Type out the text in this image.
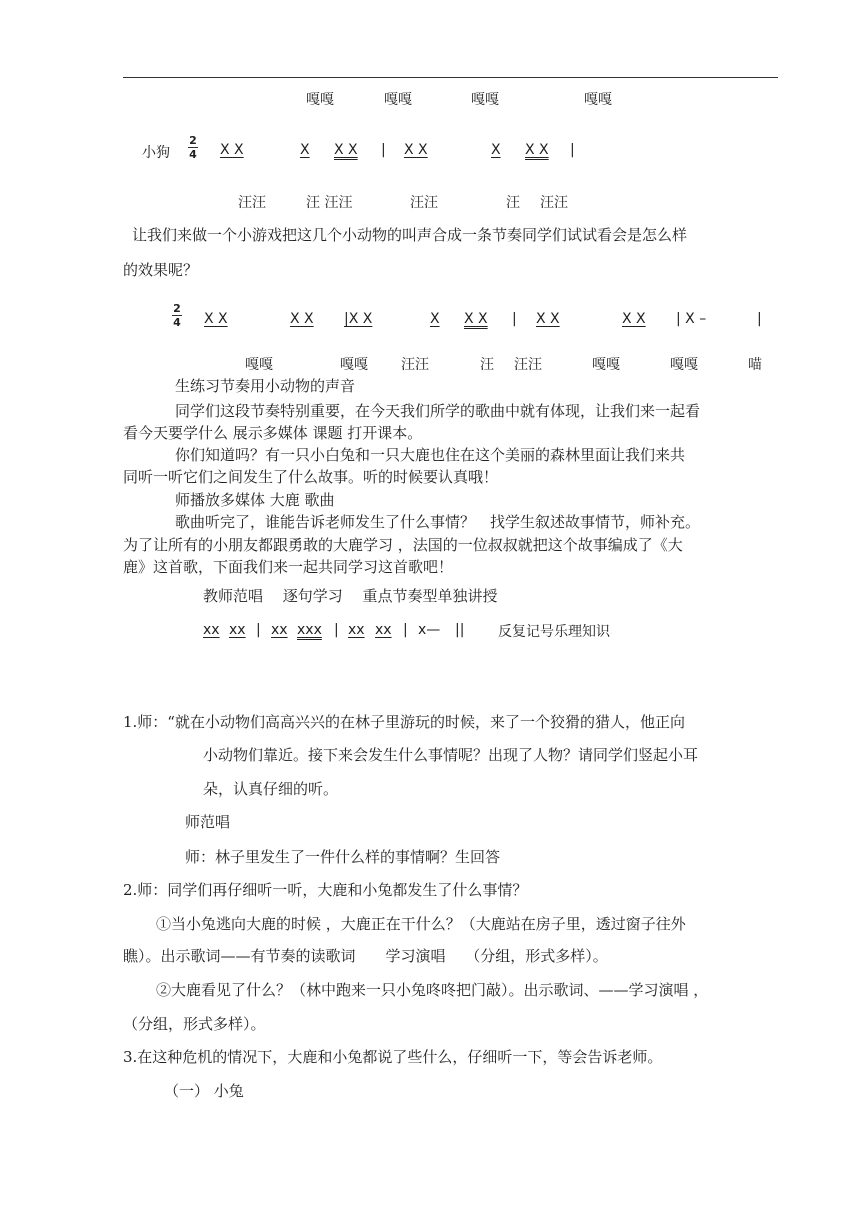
嘎嘎	嘎嘎	嘎嘎	嘎嘎
小狗
2
4 X X	X X X | X X	X X X |
汪汪	汪 汪汪	汪汪	汪 汪汪
让我们来做一个小游戏把这几个小动物的叫声合成一条节奏同学们试试看会是怎么样
的效果呢？
2
4 X X	X X |X X	X X X | X X	X X | X –	|
嘎嘎	嘎嘎 汪汪	汪 汪汪	嘎嘎	嘎嘎	喵
生练习节奏用小动物的声音
同学们这段节奏特别重要，在今天我们所学的歌曲中就有体现，让我们来一起看
看今天要学什么 展示多媒体 课题 打开课本。
你们知道吗？有一只小白兔和一只大鹿也住在这个美丽的森林里面让我们来共
同听一听它们之间发生了什么故事。听的时候要认真哦！
师播放多媒体 大鹿 歌曲
歌曲听完了，谁能告诉老师发生了什么事情？　找学生叙述故事情节，师补充。
为了让所有的小朋友都跟勇敢的大鹿学习 ，法国的一位叔叔就把这个故事编成了《大
鹿》这首歌，下面我们来一起共同学习这首歌吧！
教师范唱　 逐句学习　 重点节奏型单独讲授
xx xx | xx xxx | xx xx | x— || 反复记号乐理知识
1.师：“就在小动物们高高兴兴的在林子里游玩的时候，来了一个狡猾的猎人，他正向
小动物们靠近。接下来会发生什么事情呢？出现了人物？请同学们竖起小耳
朵，认真仔细的听。
师范唱
师：林子里发生了一件什么样的事情啊？生回答
2.师：同学们再仔细听一听，大鹿和小兔都发生了什么事情？
①当小兔逃向大鹿的时候 ，大鹿正在干什么？（大鹿站在房子里，透过窗子往外
瞧）。出示歌词——有节奏的读歌词　　学习演唱　 （分组，形式多样）。
②大鹿看见了什么？（林中跑来一只小兔咚咚把门敲）。出示歌词、——学习演唱 ，
（分组，形式多样）。
3.在这种危机的情况下，大鹿和小兔都说了些什么，仔细听一下，等会告诉老师。
（一） 小兔
